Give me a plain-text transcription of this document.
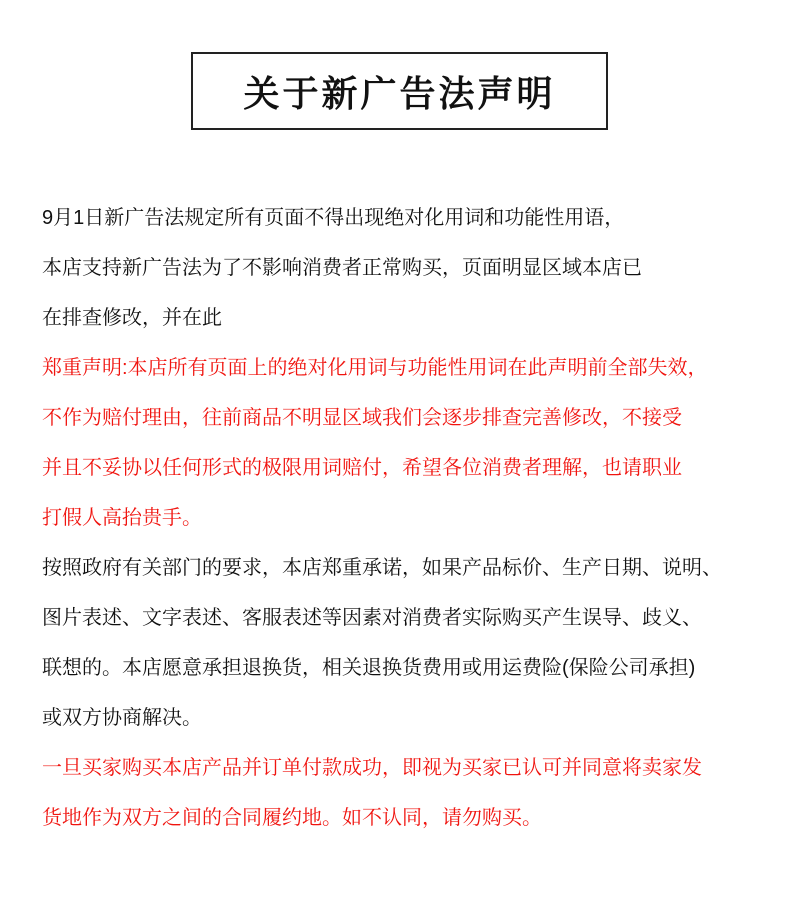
关于新广告法声明
9月1日新广告法规定所有页面不得出现绝对化用词和功能性用语，
本店支持新广告法为了不影响消费者正常购买，页面明显区域本店已
在排查修改，并在此
郑重声明:本店所有页面上的绝对化用词与功能性用词在此声明前全部失效，
不作为赔付理由，往前商品不明显区域我们会逐步排查完善修改，不接受
并且不妥协以任何形式的极限用词赔付，希望各位消费者理解，也请职业
打假人高抬贵手。
按照政府有关部门的要求，本店郑重承诺，如果产品标价、生产日期、说明、
图片表述、文字表述、客服表述等因素对消费者实际购买产生误导、歧义、
联想的。本店愿意承担退换货，相关退换货费用或用运费险(保险公司承担)
或双方协商解决。
一旦买家购买本店产品并订单付款成功，即视为买家已认可并同意将卖家发
货地作为双方之间的合同履约地。如不认同，请勿购买。
